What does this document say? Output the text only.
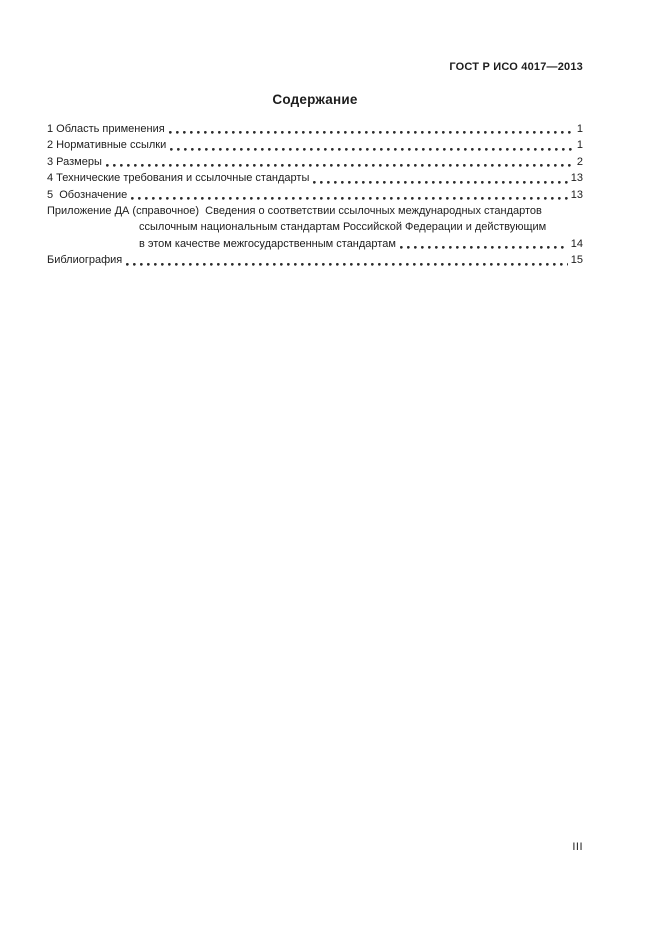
ГОСТ Р ИСО 4017—2013
Содержание
1 Область применения	1
2 Нормативные ссылки	1
3 Размеры	2
4 Технические требования и ссылочные стандарты	13
5  Обозначение	13
Приложение ДА (справочное)  Сведения о соответствии ссылочных международных стандартов
ссылочным национальным стандартам Российской Федерации и действующим
в этом качестве межгосударственным стандартам	14
Библиография	15
III
